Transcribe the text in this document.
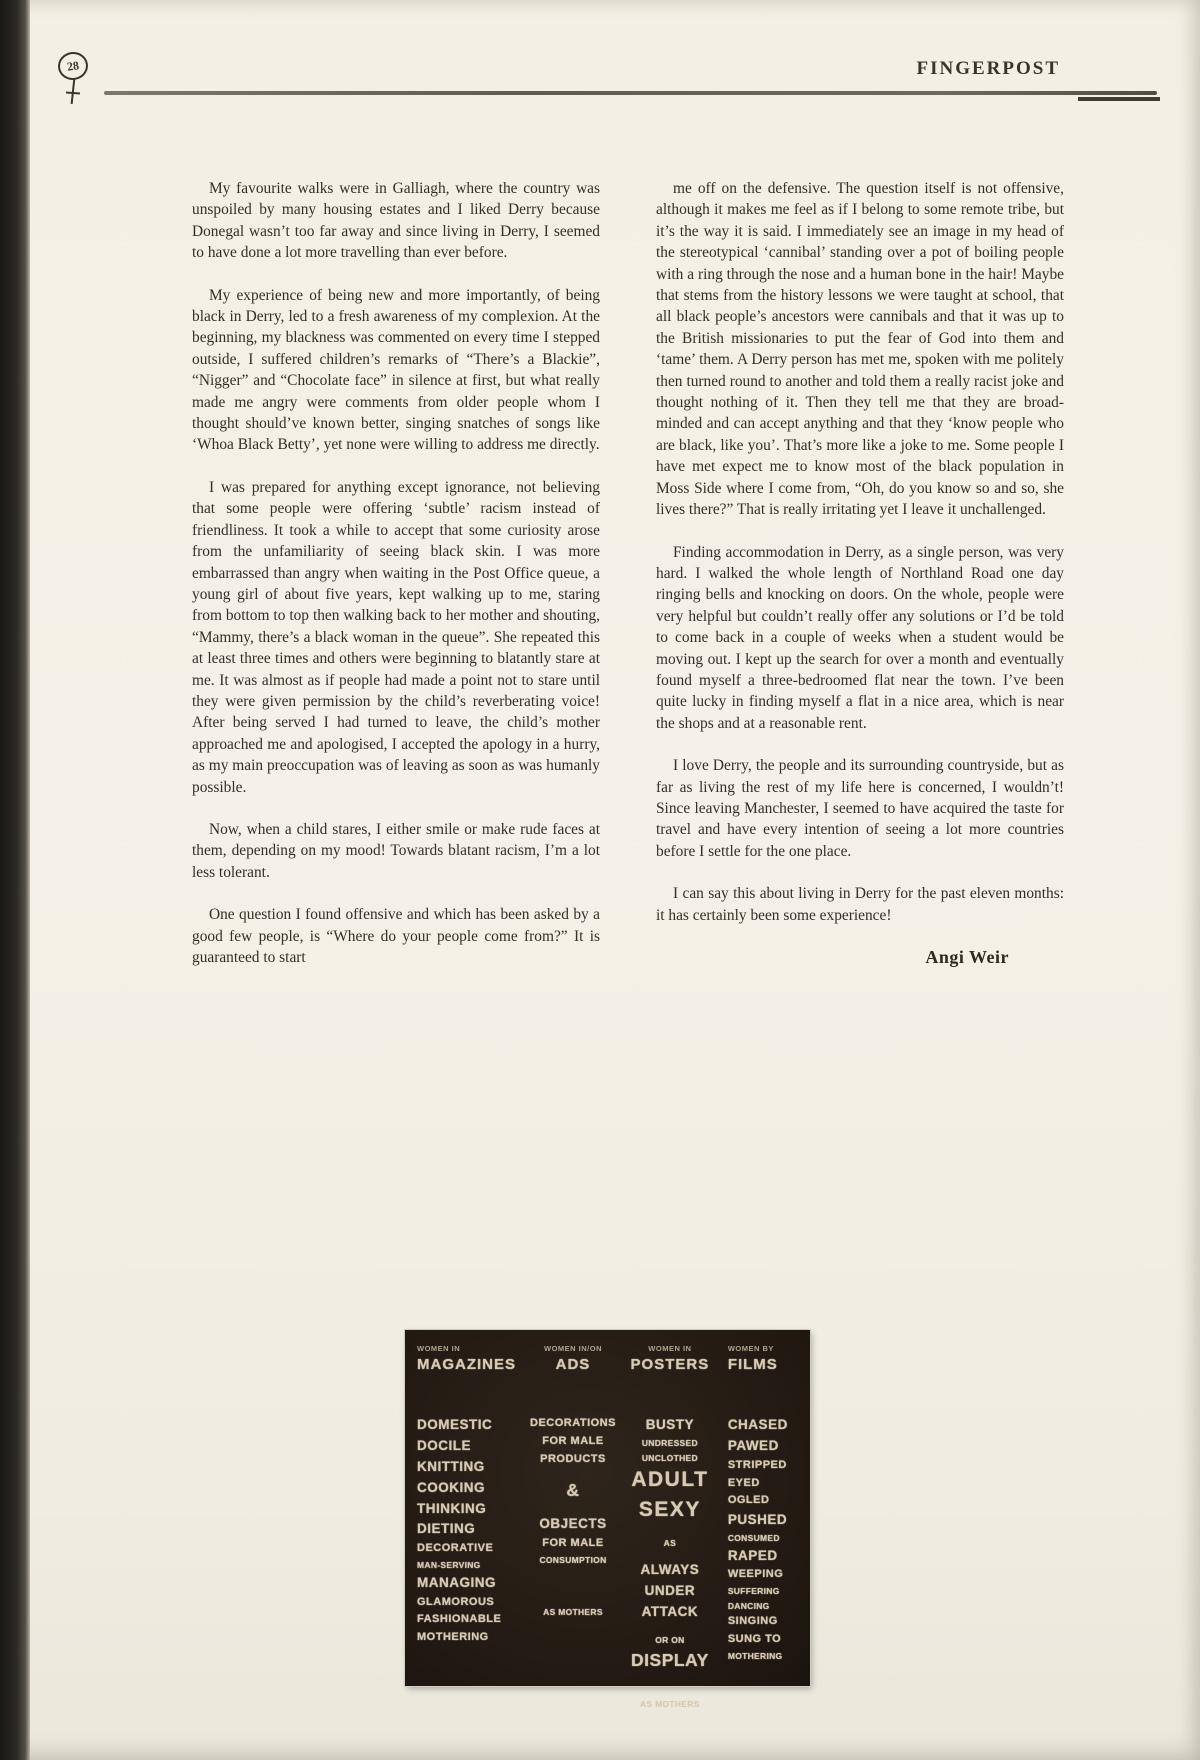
28	FINGERPOST

My favourite walks were in Galliagh, where the country was unspoiled by many housing estates and I liked Derry because Donegal wasn’t too far away and since living in Derry, I seemed to have done a lot more travelling than ever before.

My experience of being new and more importantly, of being black in Derry, led to a fresh awareness of my complexion. At the beginning, my blackness was commented on every time I stepped outside, I suffered children’s remarks of “There’s a Blackie”, “Nigger” and “Chocolate face” in silence at first, but what really made me angry were comments from older people whom I thought should’ve known better, singing snatches of songs like ‘Whoa Black Betty’, yet none were willing to address me directly.

I was prepared for anything except ignorance, not believing that some people were offering ‘subtle’ racism instead of friendliness. It took a while to accept that some curiosity arose from the unfamiliarity of seeing black skin. I was more embarrassed than angry when waiting in the Post Office queue, a young girl of about five years, kept walking up to me, staring from bottom to top then walking back to her mother and shouting, “Mammy, there’s a black woman in the queue”. She repeated this at least three times and others were beginning to blatantly stare at me. It was almost as if people had made a point not to stare until they were given permission by the child’s reverberating voice! After being served I had turned to leave, the child’s mother approached me and apologised, I accepted the apology in a hurry, as my main preoccupation was of leaving as soon as was humanly possible.

Now, when a child stares, I either smile or make rude faces at them, depending on my mood! Towards blatant racism, I’m a lot less tolerant.

One question I found offensive and which has been asked by a good few people, is “Where do your people come from?” It is guaranteed to start

me off on the defensive. The question itself is not offensive, although it makes me feel as if I belong to some remote tribe, but it’s the way it is said. I immediately see an image in my head of the stereotypical ‘cannibal’ standing over a pot of boiling people with a ring through the nose and a human bone in the hair! Maybe that stems from the history lessons we were taught at school, that all black people’s ancestors were cannibals and that it was up to the British missionaries to put the fear of God into them and ‘tame’ them. A Derry person has met me, spoken with me politely then turned round to another and told them a really racist joke and thought nothing of it. Then they tell me that they are broad-minded and can accept anything and that they ‘know people who are black, like you’. That’s more like a joke to me. Some people I have met expect me to know most of the black population in Moss Side where I come from, “Oh, do you know so and so, she lives there?” That is really irritating yet I leave it unchallenged.

Finding accommodation in Derry, as a single person, was very hard. I walked the whole length of Northland Road one day ringing bells and knocking on doors. On the whole, people were very helpful but couldn’t really offer any solutions or I’d be told to come back in a couple of weeks when a student would be moving out. I kept up the search for over a month and eventually found myself a three-bedroomed flat near the town. I’ve been quite lucky in finding myself a flat in a nice area, which is near the shops and at a reasonable rent.

I love Derry, the people and its surrounding countryside, but as far as living the rest of my life here is concerned, I wouldn’t! Since leaving Manchester, I seemed to have acquired the taste for travel and have every intention of seeing a lot more countries before I settle for the one place.

I can say this about living in Derry for the past eleven months: it has certainly been some experience!

Angi Weir
WOMEN IN
MAGAZINES
DOMESTIC
DOCILE
KNITTING
COOKING
THINKING
DIETING
DECORATIVE
MAN-SERVING
MANAGING
GLAMOROUS
FASHIONABLE
MOTHERING
WOMEN IN/ON
ADS
DECORATIONS
FOR MALE
PRODUCTS
&
OBJECTS
FOR MALE
CONSUMPTION
AS MOTHERS
WOMEN IN
POSTERS
BUSTY
UNDRESSED
UNCLOTHED
ADULT
SEXY
AS
ALWAYS
UNDER
ATTACK
OR ON
DISPLAY
AS MOTHERS
WOMEN BY
FILMS
CHASED
PAWED
STRIPPED
EYED
OGLED
PUSHED
CONSUMED
RAPED
WEEPING
SUFFERING
DANCING
SINGING
SUNG TO
MOTHERING
